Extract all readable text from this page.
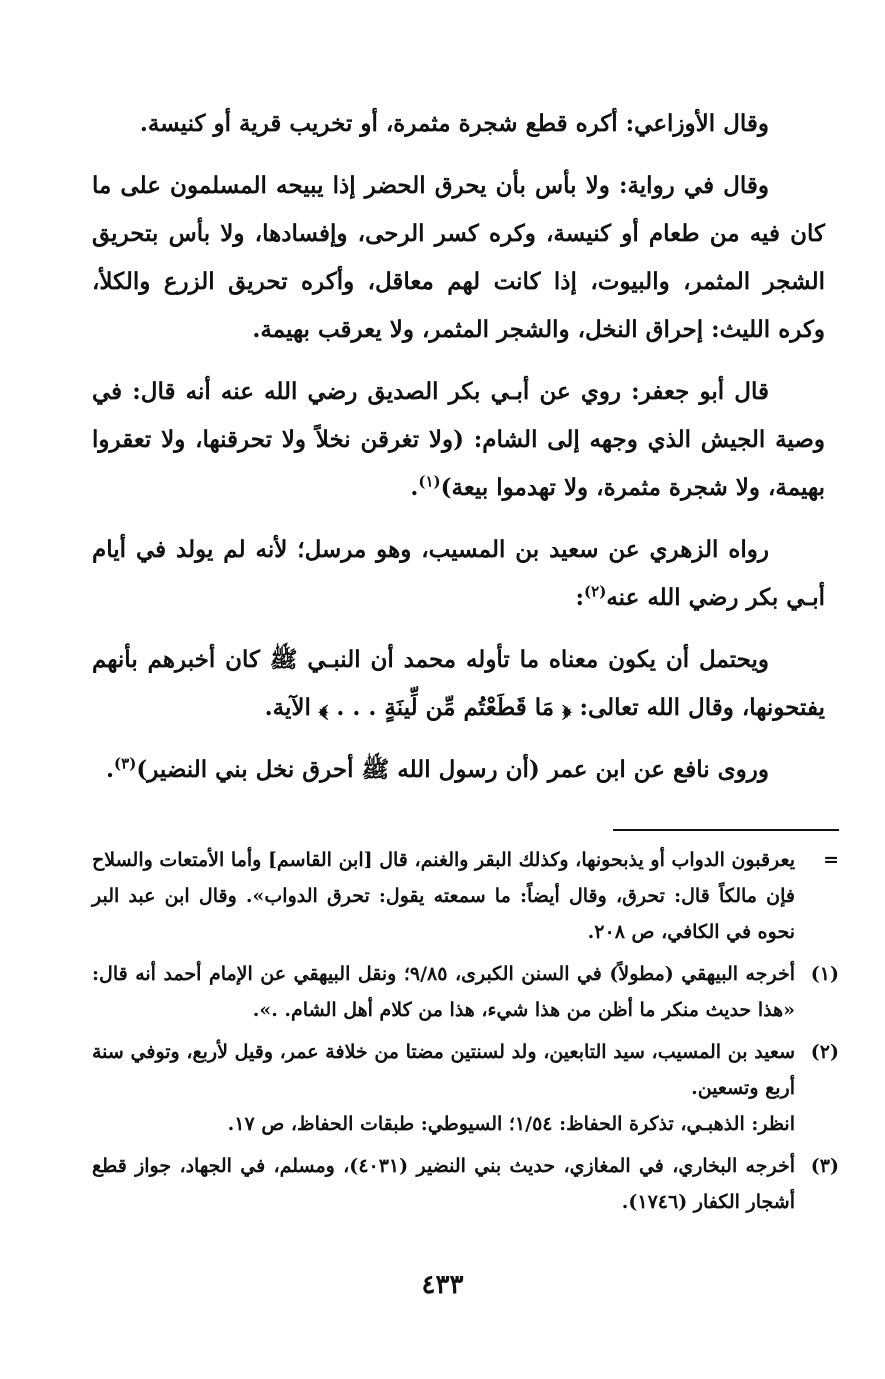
وقال الأوزاعي: أكره قطع شجرة مثمرة، أو تخريب قرية أو كنيسة.

وقال في رواية: ولا بأس بأن يحرق الحضر إذا يبيحه المسلمون على ما كان فيه من طعام أو كنيسة، وكره كسر الرحى، وإفسادها، ولا بأس بتحريق الشجر المثمر، والبيوت، إذا كانت لهم معاقل، وأكره تحريق الزرع والكلأ، وكره الليث: إحراق النخل، والشجر المثمر، ولا يعرقب بهيمة.

قال أبو جعفر: روي عن أبـي بكر الصديق رضي الله عنه أنه قال: في وصية الجيش الذي وجهه إلى الشام: (ولا تغرقن نخلاً ولا تحرقنها، ولا تعقروا بهيمة، ولا شجرة مثمرة، ولا تهدموا بيعة)$^{(١)}$.

رواه الزهري عن سعيد بن المسيب، وهو مرسل؛ لأنه لم يولد في أيام أبـي بكر رضي الله عنه$^{(٢)}$:

ويحتمل أن يكون معناه ما تأوله محمد أن النبـي ﷺ كان أخبرهم بأنهم يفتحونها، وقال الله تعالى: ﴿ مَا قَطَعْتُم مِّن لِّينَةٍ . . . ﴾ الآية.

وروى نافع عن ابن عمر (أن رسول الله ﷺ أحرق نخل بني النضير)$^{(٣)}$.

=
يعرقبون الدواب أو يذبحونها، وكذلك البقر والغنم، قال [ابن القاسم] وأما الأمتعات والسلاح فإن مالكاً قال: تحرق، وقال أيضاً: ما سمعته يقول: تحرق الدواب». وقال ابن عبد البر نحوه في الكافي، ص ٢٠٨.
(١)
أخرجه البيهقي (مطولاً) في السنن الكبرى، ٩/٨٥؛ ونقل البيهقي عن الإمام أحمد أنه قال: «هذا حديث منكر ما أظن من هذا شيء، هذا من كلام أهل الشام. .».
(٢)
سعيد بن المسيب، سيد التابعين، ولد لسنتين مضتا من خلافة عمر، وقيل لأربع، وتوفي سنة أربع وتسعين.
انظر: الذهبـي، تذكرة الحفاظ: ١/٥٤؛ السيوطي: طبقات الحفاظ، ص ١٧.
(٣)
أخرجه البخاري، في المغازي، حديث بني النضير (٤٠٣١)، ومسلم، في الجهاد، جواز قطع أشجار الكفار (١٧٤٦).
٤٣٣
